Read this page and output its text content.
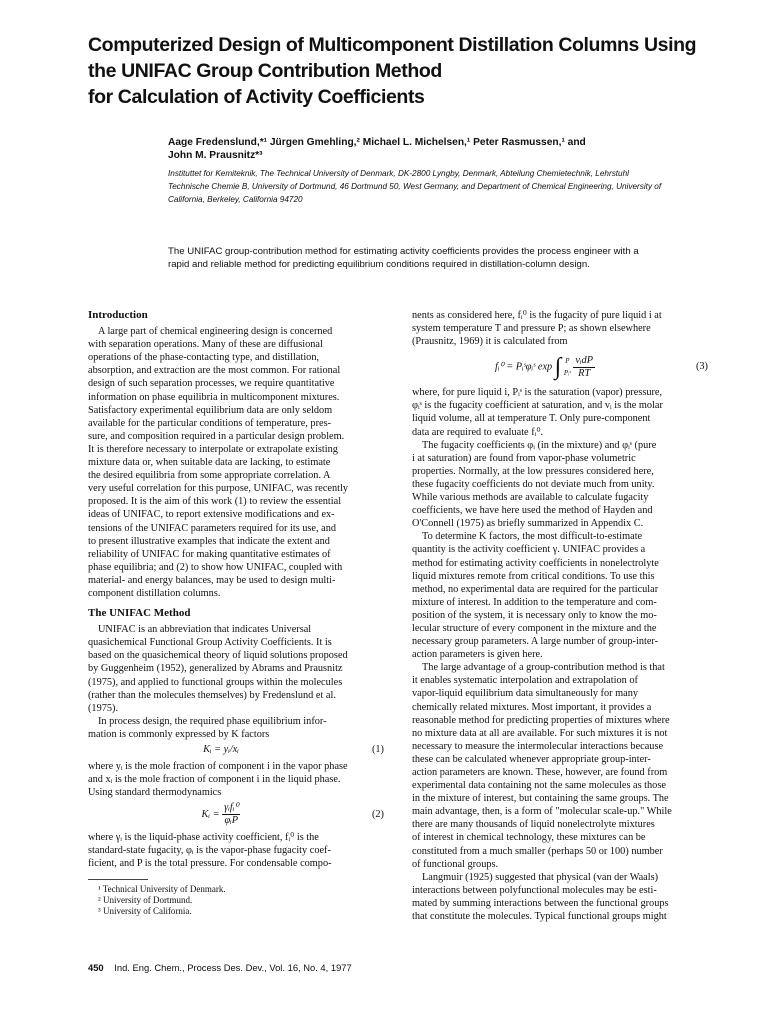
Computerized Design of Multicomponent Distillation Columns Using
the UNIFAC Group Contribution Method
for Calculation of Activity Coefficients
Aage Fredenslund,*¹ Jürgen Gmehling,² Michael L. Michelsen,¹ Peter Rasmussen,¹ and
John M. Prausnitz*³
Instituttet for Kemiteknik, The Technical University of Denmark, DK-2800 Lyngby, Denmark, Abteilung Chemietechnik, Lehrstuhl
Technische Chemie B, University of Dortmund, 46 Dortmund 50, West Germany, and Department of Chemical Engineering, University of
California, Berkeley, California 94720
The UNIFAC group-contribution method for estimating activity coefficients provides the process engineer with a
rapid and reliable method for predicting equilibrium conditions required in distillation-column design.
Introduction
A large part of chemical engineering design is concerned
with separation operations. Many of these are diffusional
operations of the phase-contacting type, and distillation,
absorption, and extraction are the most common. For rational
design of such separation processes, we require quantitative
information on phase equilibria in multicomponent mixtures.
Satisfactory experimental equilibrium data are only seldom
available for the particular conditions of temperature, pres-
sure, and composition required in a particular design problem.
It is therefore necessary to interpolate or extrapolate existing
mixture data or, when suitable data are lacking, to estimate
the desired equilibria from some appropriate correlation. A
very useful correlation for this purpose, UNIFAC, was recently
proposed. It is the aim of this work (1) to review the essential
ideas of UNIFAC, to report extensive modifications and ex-
tensions of the UNIFAC parameters required for its use, and
to present illustrative examples that indicate the extent and
reliability of UNIFAC for making quantitative estimates of
phase equilibria; and (2) to show how UNIFAC, coupled with
material- and energy balances, may be used to design multi-
component distillation columns.
The UNIFAC Method
UNIFAC is an abbreviation that indicates Universal
quasichemical Functional Group Activity Coefficients. It is
based on the quasichemical theory of liquid solutions proposed
by Guggenheim (1952), generalized by Abrams and Prausnitz
(1975), and applied to functional groups within the molecules
(rather than the molecules themselves) by Fredenslund et al.
(1975).
In process design, the required phase equilibrium infor-
mation is commonly expressed by K factors
Kᵢ = yᵢ/xᵢ	(1)
where yᵢ is the mole fraction of component i in the vapor phase
and xᵢ is the mole fraction of component i in the liquid phase.
Using standard thermodynamics
Kᵢ = $\frac{\text{γᵢfᵢ⁰}}{\text{φᵢP}}$	(2)
where γᵢ is the liquid-phase activity coefficient, fᵢ⁰ is the
standard-state fugacity, φᵢ is the vapor-phase fugacity coef-
ficient, and P is the total pressure. For condensable compo-
¹ Technical University of Denmark.
² University of Dortmund.
³ University of California.
nents as considered here, fᵢ⁰ is the fugacity of pure liquid i at
system temperature T and pressure P; as shown elsewhere
(Prausnitz, 1969) it is calculated from
fᵢ⁰ = Pᵢˢφᵢˢ exp ∫ P
Pᵢˢ
$\frac{\text{vᵢdP}}{RT}$	(3)
where, for pure liquid i, Pᵢˢ is the saturation (vapor) pressure,
φᵢˢ is the fugacity coefficient at saturation, and vᵢ is the molar
liquid volume, all at temperature T. Only pure-component
data are required to evaluate fᵢ⁰.
The fugacity coefficients φᵢ (in the mixture) and φᵢˢ (pure
i at saturation) are found from vapor-phase volumetric
properties. Normally, at the low pressures considered here,
these fugacity coefficients do not deviate much from unity.
While various methods are available to calculate fugacity
coefficients, we have here used the method of Hayden and
O'Connell (1975) as briefly summarized in Appendix C.
To determine K factors, the most difficult-to-estimate
quantity is the activity coefficient γ. UNIFAC provides a
method for estimating activity coefficients in nonelectrolyte
liquid mixtures remote from critical conditions. To use this
method, no experimental data are required for the particular
mixture of interest. In addition to the temperature and com-
position of the system, it is necessary only to know the mo-
lecular structure of every component in the mixture and the
necessary group parameters. A large number of group-inter-
action parameters is given here.
The large advantage of a group-contribution method is that
it enables systematic interpolation and extrapolation of
vapor-liquid equilibrium data simultaneously for many
chemically related mixtures. Most important, it provides a
reasonable method for predicting properties of mixtures where
no mixture data at all are available. For such mixtures it is not
necessary to measure the intermolecular interactions because
these can be calculated whenever appropriate group-inter-
action parameters are known. These, however, are found from
experimental data containing not the same molecules as those
in the mixture of interest, but containing the same groups. The
main advantage, then, is a form of "molecular scale-up." While
there are many thousands of liquid nonelectrolyte mixtures
of interest in chemical technology, these mixtures can be
constituted from a much smaller (perhaps 50 or 100) number
of functional groups.
Langmuir (1925) suggested that physical (van der Waals)
interactions between polyfunctional molecules may be esti-
mated by summing interactions between the functional groups
that constitute the molecules. Typical functional groups might
450 Ind. Eng. Chem., Process Des. Dev., Vol. 16, No. 4, 1977
